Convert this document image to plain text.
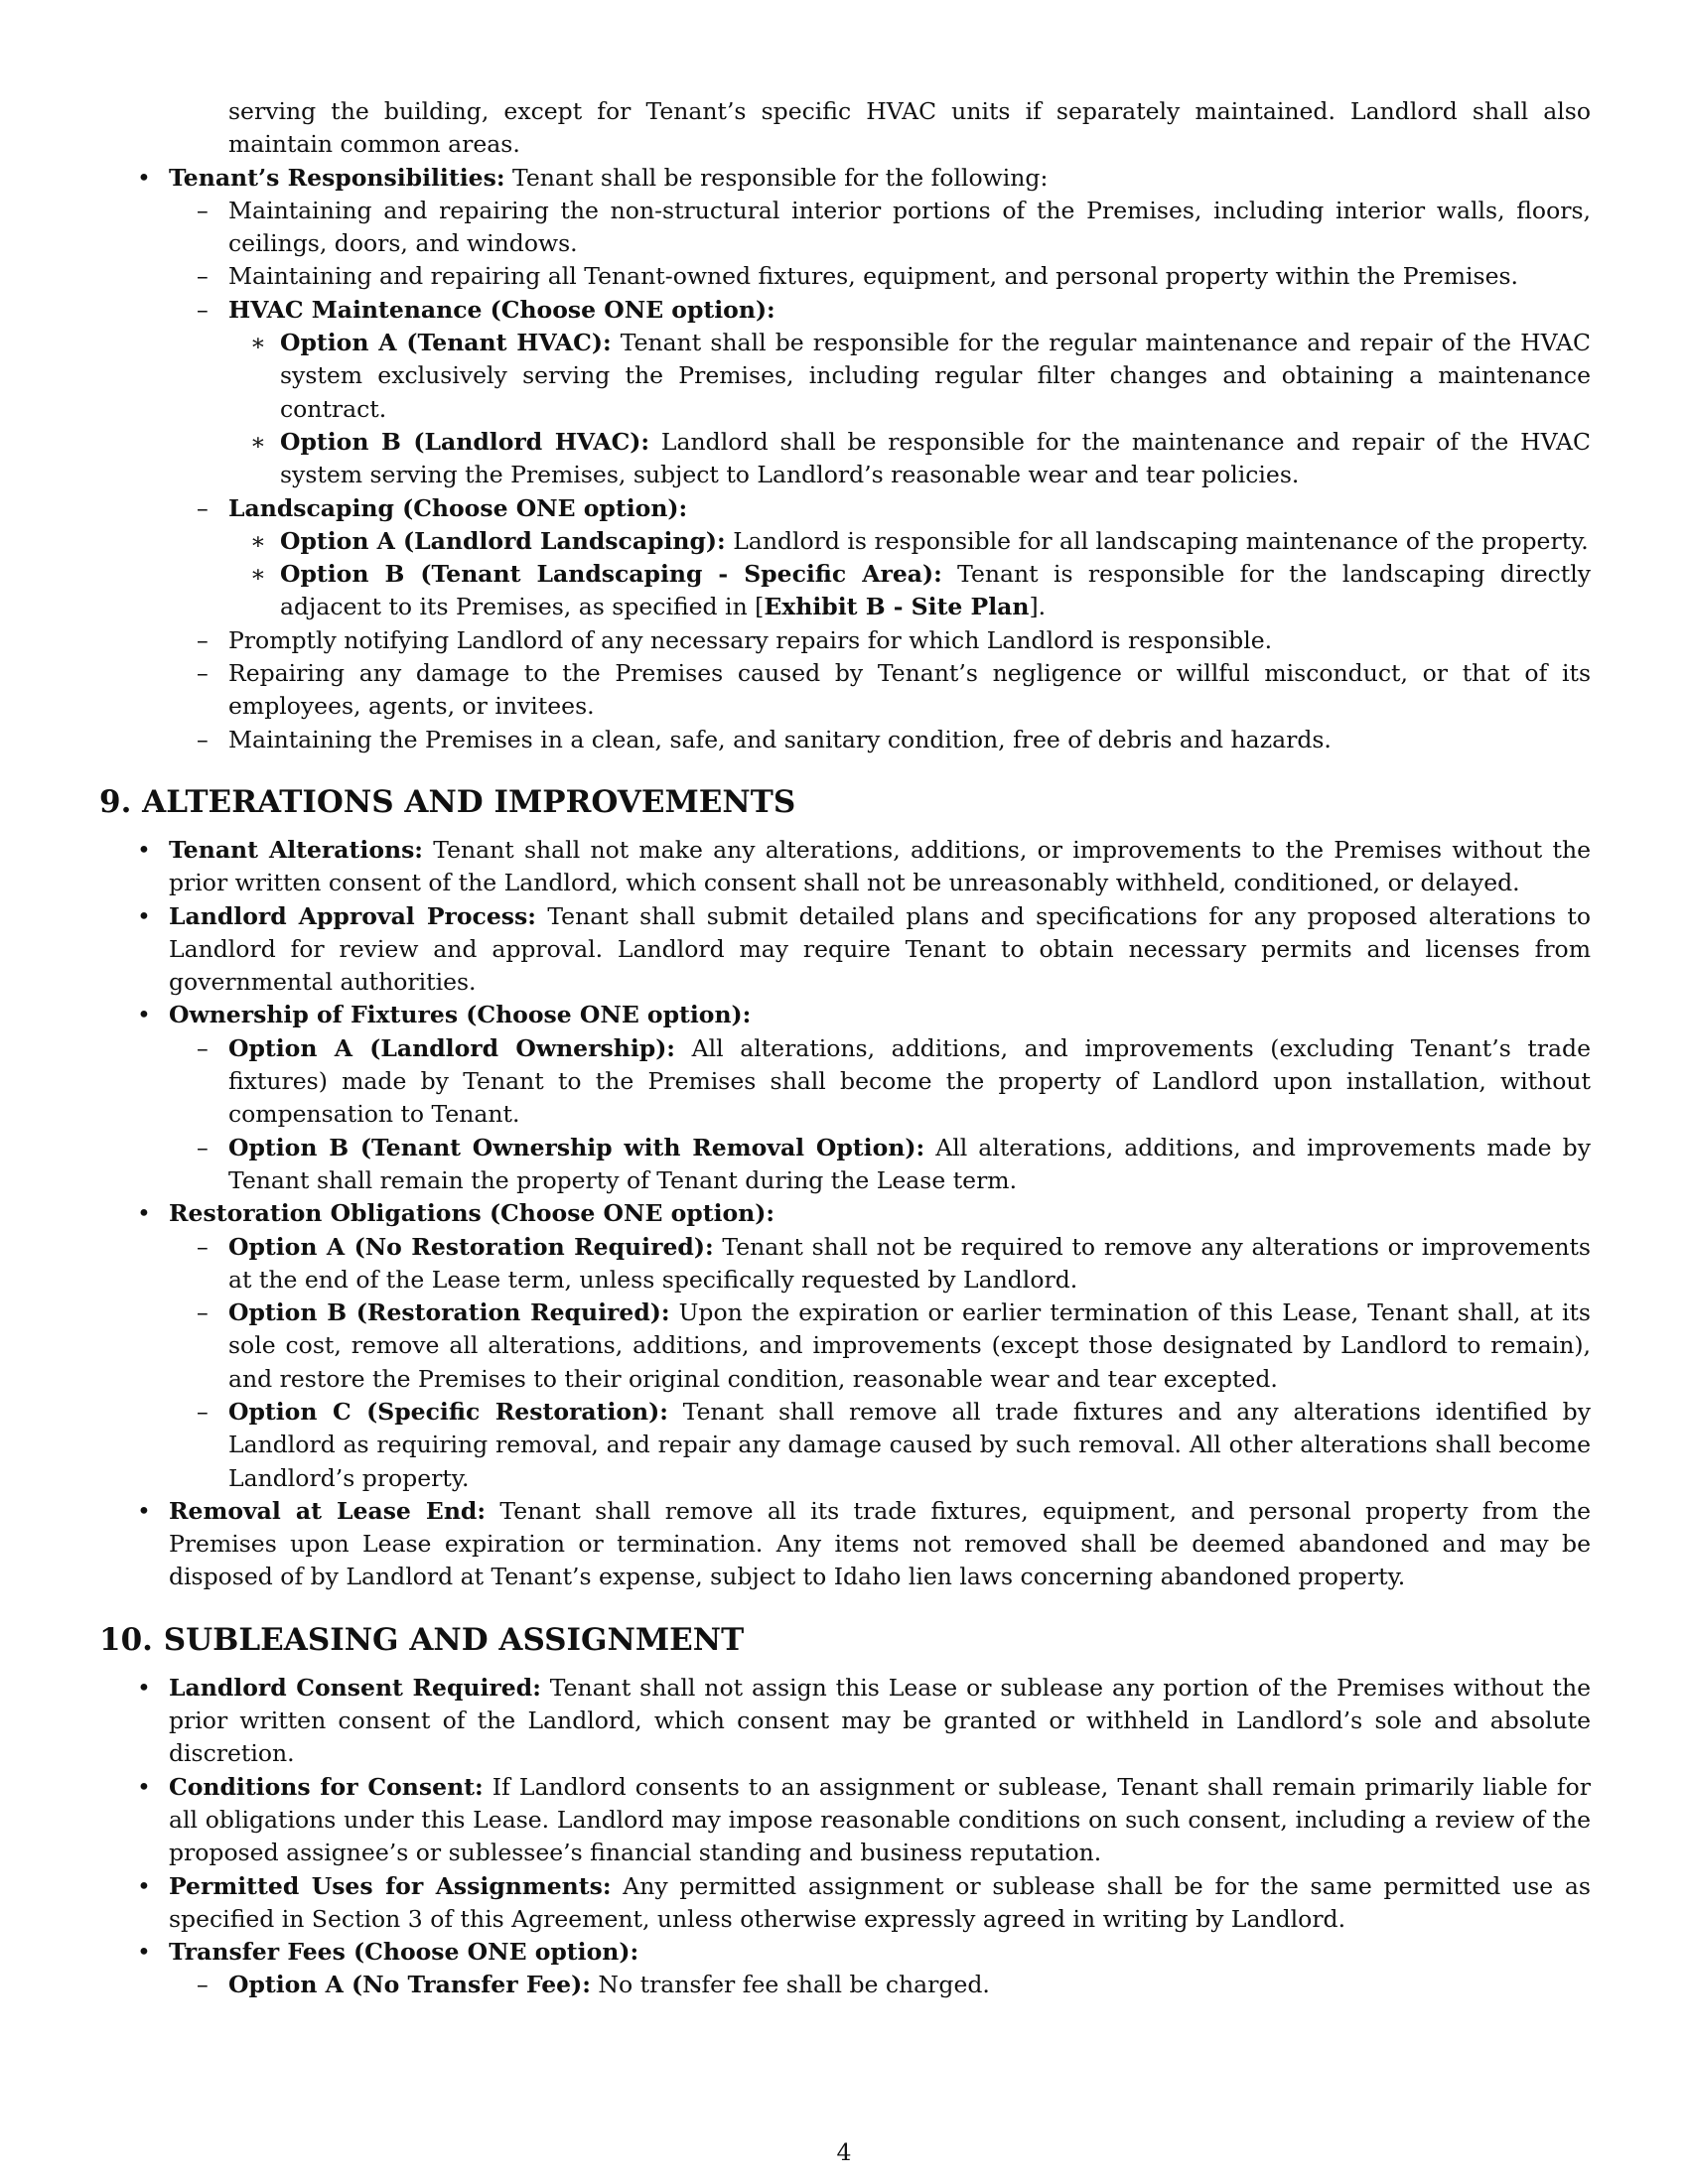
serving the building, except for Tenant’s specific HVAC units if separately maintained. Landlord shall also maintain common areas.
• Tenant’s Responsibilities: Tenant shall be responsible for the following:
– Maintaining and repairing the non-structural interior portions of the Premises, including interior walls, floors, ceilings, doors, and windows.
– Maintaining and repairing all Tenant-owned fixtures, equipment, and personal property within the Premises.
– HVAC Maintenance (Choose ONE option):
∗ Option A (Tenant HVAC): Tenant shall be responsible for the regular maintenance and repair of the HVAC system exclusively serving the Premises, including regular filter changes and obtaining a maintenance contract.
∗ Option B (Landlord HVAC): Landlord shall be responsible for the maintenance and repair of the HVAC system serving the Premises, subject to Landlord’s reasonable wear and tear policies.
– Landscaping (Choose ONE option):
∗ Option A (Landlord Landscaping): Landlord is responsible for all landscaping maintenance of the property.
∗ Option B (Tenant Landscaping - Specific Area): Tenant is responsible for the landscaping directly adjacent to its Premises, as specified in [Exhibit B - Site Plan].
– Promptly notifying Landlord of any necessary repairs for which Landlord is responsible.
– Repairing any damage to the Premises caused by Tenant’s negligence or willful misconduct, or that of its employees, agents, or invitees.
– Maintaining the Premises in a clean, safe, and sanitary condition, free of debris and hazards.
9. ALTERATIONS AND IMPROVEMENTS
• Tenant Alterations: Tenant shall not make any alterations, additions, or improvements to the Premises without the prior written consent of the Landlord, which consent shall not be unreasonably withheld, conditioned, or delayed.
• Landlord Approval Process: Tenant shall submit detailed plans and specifications for any proposed alterations to Landlord for review and approval. Landlord may require Tenant to obtain necessary permits and licenses from governmental authorities.
• Ownership of Fixtures (Choose ONE option):
– Option A (Landlord Ownership): All alterations, additions, and improvements (excluding Tenant’s trade fixtures) made by Tenant to the Premises shall become the property of Landlord upon installation, without compensation to Tenant.
– Option B (Tenant Ownership with Removal Option): All alterations, additions, and improvements made by Tenant shall remain the property of Tenant during the Lease term.
• Restoration Obligations (Choose ONE option):
– Option A (No Restoration Required): Tenant shall not be required to remove any alterations or improvements at the end of the Lease term, unless specifically requested by Landlord.
– Option B (Restoration Required): Upon the expiration or earlier termination of this Lease, Tenant shall, at its sole cost, remove all alterations, additions, and improvements (except those designated by Landlord to remain), and restore the Premises to their original condition, reasonable wear and tear excepted.
– Option C (Specific Restoration): Tenant shall remove all trade fixtures and any alterations identified by Landlord as requiring removal, and repair any damage caused by such removal. All other alterations shall become Landlord’s property.
• Removal at Lease End: Tenant shall remove all its trade fixtures, equipment, and personal property from the Premises upon Lease expiration or termination. Any items not removed shall be deemed abandoned and may be disposed of by Landlord at Tenant’s expense, subject to Idaho lien laws concerning abandoned property.
10. SUBLEASING AND ASSIGNMENT
• Landlord Consent Required: Tenant shall not assign this Lease or sublease any portion of the Premises without the prior written consent of the Landlord, which consent may be granted or withheld in Landlord’s sole and absolute discretion.
• Conditions for Consent: If Landlord consents to an assignment or sublease, Tenant shall remain primarily liable for all obligations under this Lease. Landlord may impose reasonable conditions on such consent, including a review of the proposed assignee’s or sublessee’s financial standing and business reputation.
• Permitted Uses for Assignments: Any permitted assignment or sublease shall be for the same permitted use as specified in Section 3 of this Agreement, unless otherwise expressly agreed in writing by Landlord.
• Transfer Fees (Choose ONE option):
– Option A (No Transfer Fee): No transfer fee shall be charged.
4
